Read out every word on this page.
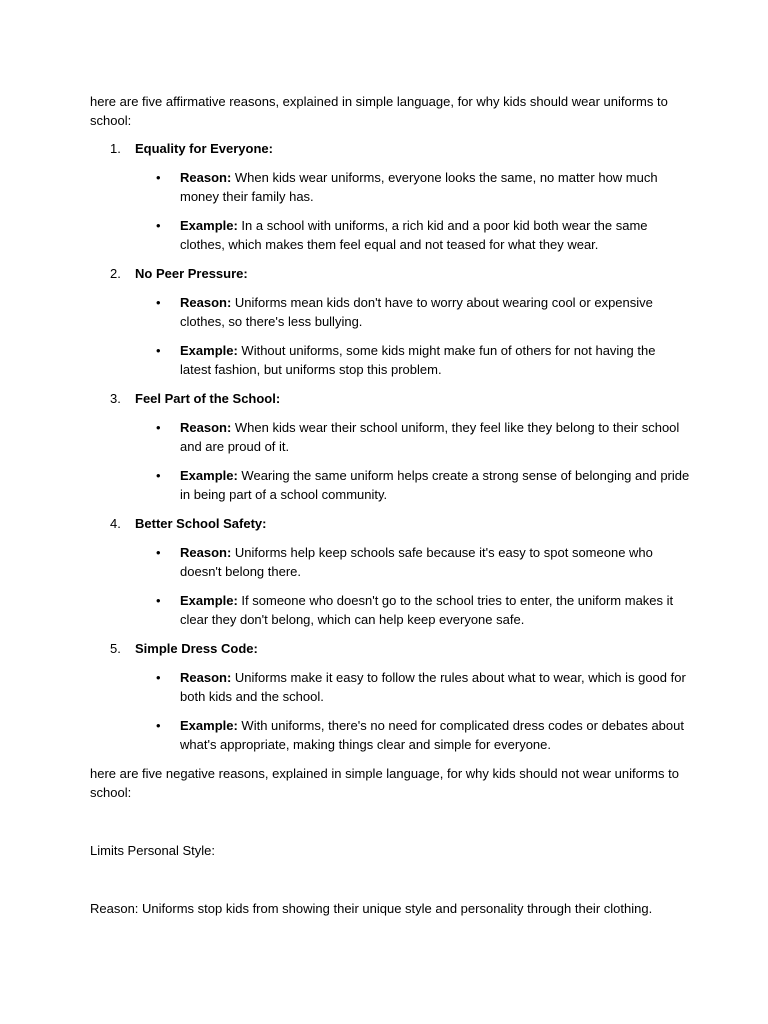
here are five affirmative reasons, explained in simple language, for why kids should wear uniforms to school:

1. Equality for Everyone:
• Reason: When kids wear uniforms, everyone looks the same, no matter how much money their family has.
• Example: In a school with uniforms, a rich kid and a poor kid both wear the same clothes, which makes them feel equal and not teased for what they wear.
2. No Peer Pressure:
• Reason: Uniforms mean kids don't have to worry about wearing cool or expensive clothes, so there's less bullying.
• Example: Without uniforms, some kids might make fun of others for not having the latest fashion, but uniforms stop this problem.
3. Feel Part of the School:
• Reason: When kids wear their school uniform, they feel like they belong to their school and are proud of it.
• Example: Wearing the same uniform helps create a strong sense of belonging and pride in being part of a school community.
4. Better School Safety:
• Reason: Uniforms help keep schools safe because it's easy to spot someone who doesn't belong there.
• Example: If someone who doesn't go to the school tries to enter, the uniform makes it clear they don't belong, which can help keep everyone safe.
5. Simple Dress Code:
• Reason: Uniforms make it easy to follow the rules about what to wear, which is good for both kids and the school.
• Example: With uniforms, there's no need for complicated dress codes or debates about what's appropriate, making things clear and simple for everyone.

here are five negative reasons, explained in simple language, for why kids should not wear uniforms to school:

Limits Personal Style:

Reason: Uniforms stop kids from showing their unique style and personality through their clothing.
